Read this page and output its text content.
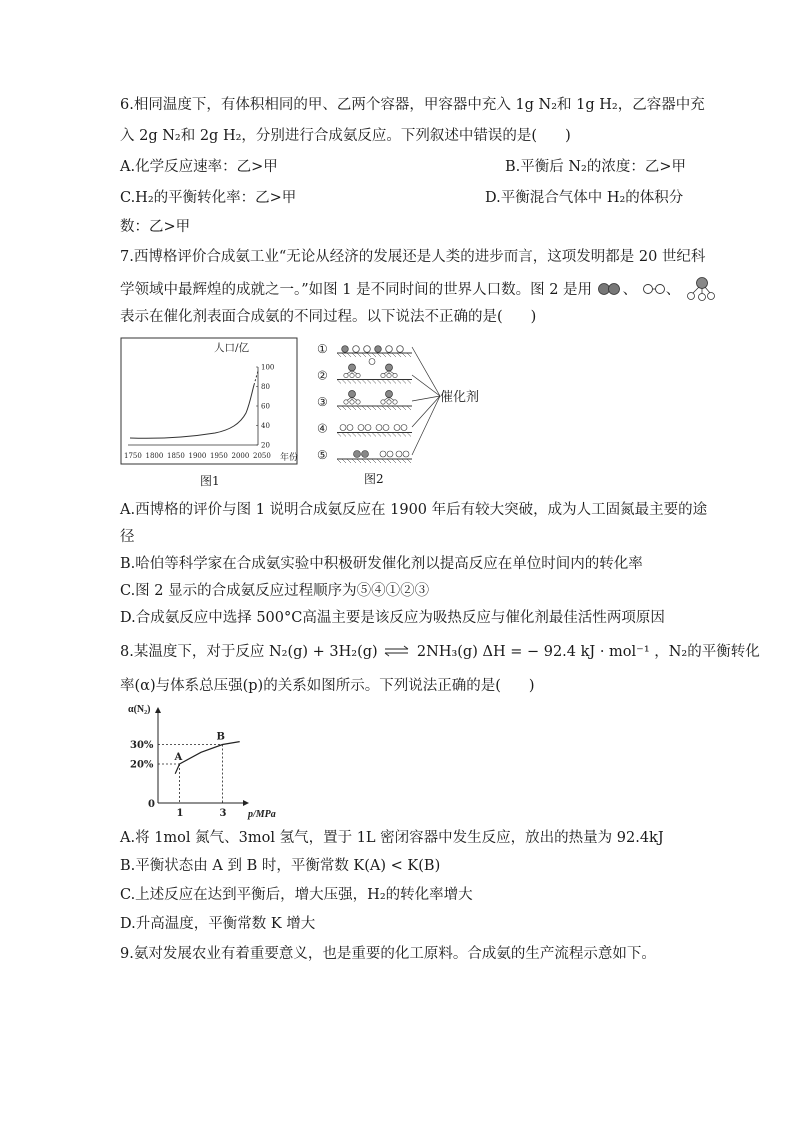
6.相同温度下，有体积相同的甲、乙两个容器，甲容器中充入 1g N₂和 1g H₂，乙容器中充
入 2g N₂和 2g H₂，分别进行合成氨反应。下列叙述中错误的是( )
A.化学反应速率：乙>甲	B.平衡后 N₂的浓度：乙>甲
C.H₂的平衡转化率：乙>甲	D.平衡混合气体中 H₂的体积分
数：乙>甲
7.西博格评价合成氨工业“无论从经济的发展还是人类的进步而言，这项发明都是 20 世纪科
学领域中最辉煌的成就之一。”如图 1 是不同时间的世界人口数。图 2 是用 、 、
表示在催化剂表面合成氨的不同过程。以下说法不正确的是( )
人口/亿
100
80
60
40
20
1750 1800 1850 1900 1950 2000 2050 年份
图1
①
②
③
④
⑤
催化剂
图2
A.西博格的评价与图 1 说明合成氨反应在 1900 年后有较大突破，成为人工固氮最主要的途
径
B.哈伯等科学家在合成氨实验中积极研发催化剂以提高反应在单位时间内的转化率
C.图 2 显示的合成氨反应过程顺序为⑤④①②③
D.合成氨反应中选择 500°C高温主要是该反应为吸热反应与催化剂最佳活性两项原因
8.某温度下，对于反应 N₂(g) + 3H₂(g) ⇌ 2NH₃(g) ΔH = − 92.4 kJ · mol⁻¹ ，N₂的平衡转化
率(α)与体系总压强(p)的关系如图所示。下列说法正确的是( )
α(N₂)
p/MPa
0
1	3
30%
20%
A
B
A.将 1mol 氮气、3mol 氢气，置于 1L 密闭容器中发生反应，放出的热量为 92.4kJ
B.平衡状态由 A 到 B 时，平衡常数 K(A) < K(B)
C.上述反应在达到平衡后，增大压强，H₂的转化率增大
D.升高温度，平衡常数 K 增大
9.氨对发展农业有着重要意义，也是重要的化工原料。合成氨的生产流程示意如下。
